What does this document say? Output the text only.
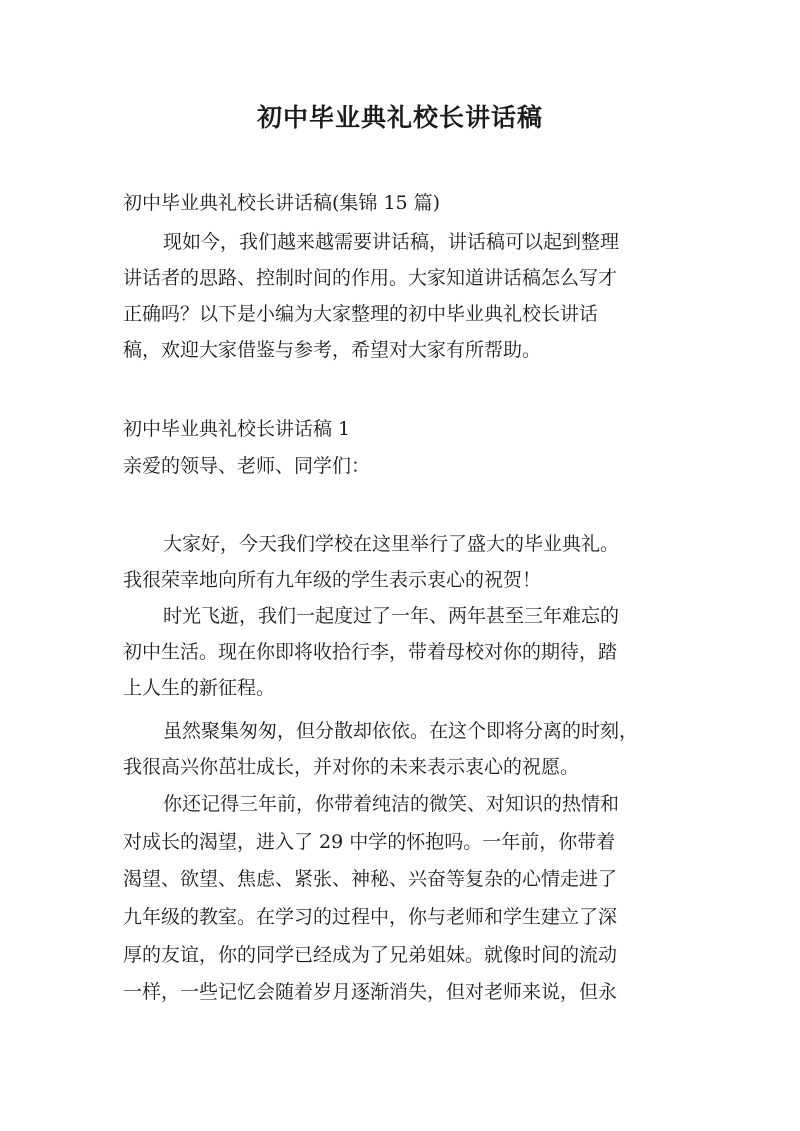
初中毕业典礼校长讲话稿

初中毕业典礼校长讲话稿(集锦 15 篇)

现如今，我们越来越需要讲话稿，讲话稿可以起到整理

讲话者的思路、控制时间的作用。大家知道讲话稿怎么写才

正确吗？以下是小编为大家整理的初中毕业典礼校长讲话

稿，欢迎大家借鉴与参考，希望对大家有所帮助。

初中毕业典礼校长讲话稿 1

亲爱的领导、老师、同学们：

大家好，今天我们学校在这里举行了盛大的毕业典礼。

我很荣幸地向所有九年级的学生表示衷心的祝贺！

时光飞逝，我们一起度过了一年、两年甚至三年难忘的

初中生活。现在你即将收拾行李，带着母校对你的期待，踏

上人生的新征程。

虽然聚集匆匆，但分散却依依。在这个即将分离的时刻，

我很高兴你茁壮成长，并对你的未来表示衷心的祝愿。

你还记得三年前，你带着纯洁的微笑、对知识的热情和

对成长的渴望，进入了 29 中学的怀抱吗。一年前，你带着

渴望、欲望、焦虑、紧张、神秘、兴奋等复杂的心情走进了

九年级的教室。在学习的过程中，你与老师和学生建立了深

厚的友谊，你的同学已经成为了兄弟姐妹。就像时间的流动

一样，一些记忆会随着岁月逐渐消失，但对老师来说，但永
